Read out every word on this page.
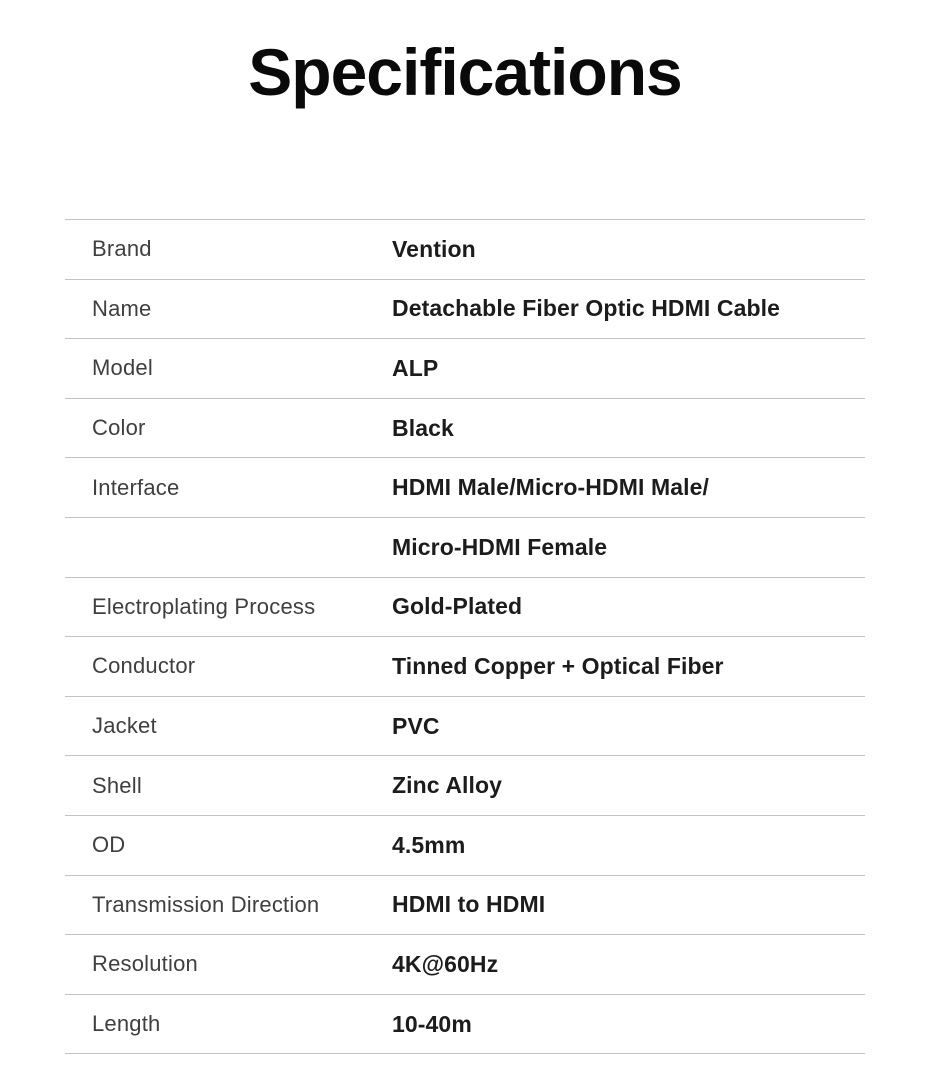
Specifications
Brand	Vention
Name	Detachable Fiber Optic HDMI Cable
Model	ALP
Color	Black
Interface	HDMI Male/Micro-HDMI Male/
Micro-HDMI Female
Electroplating Process	Gold-Plated
Conductor	Tinned Copper + Optical Fiber
Jacket	PVC
Shell	Zinc Alloy
OD	4.5mm
Transmission Direction	HDMI to HDMI
Resolution	4K@60Hz
Length	10-40m
